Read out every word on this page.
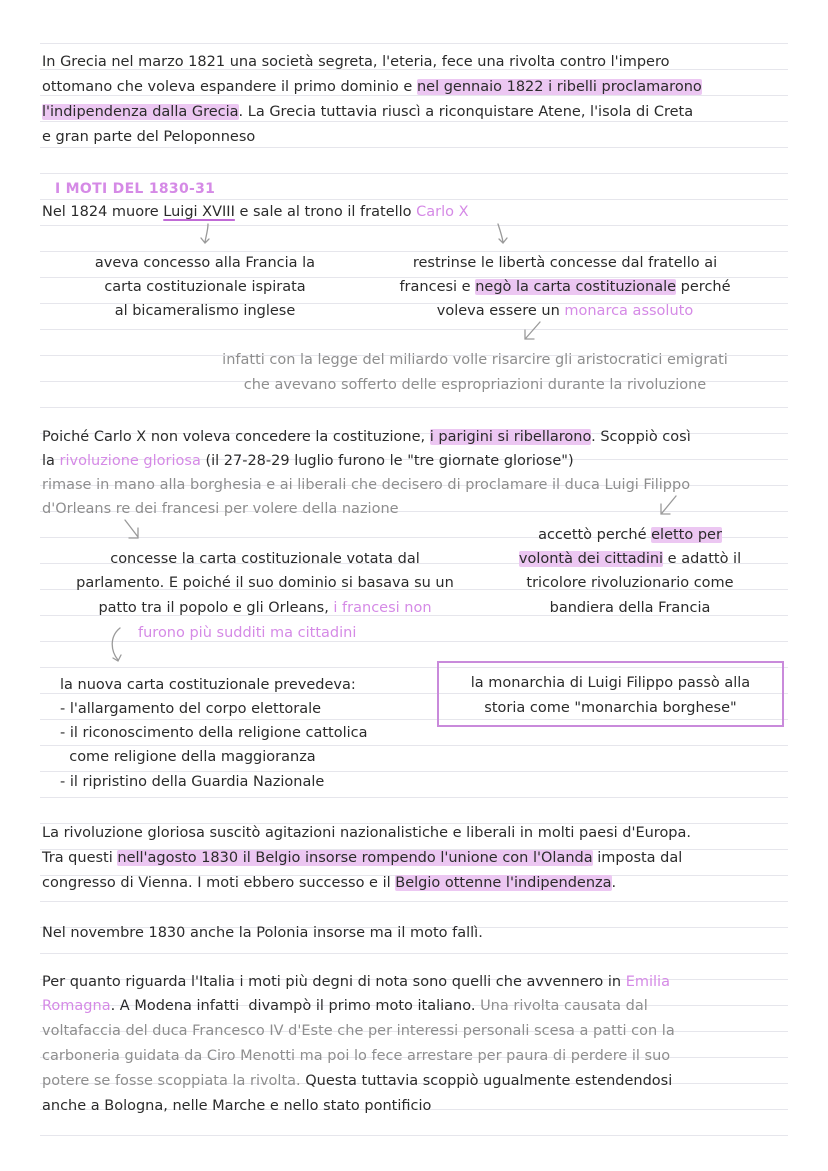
In Grecia nel marzo 1821 una società segreta, l'eteria, fece una rivolta contro l'impero
ottomano che voleva espandere il primo dominio e nel gennaio 1822 i ribelli proclamarono
l'indipendenza dalla Grecia. La Grecia tuttavia riuscì a riconquistare Atene, l'isola di Creta
e gran parte del Peloponneso
I MOTI DEL 1830-31
Nel 1824 muore Luigi XVIII e sale al trono il fratello Carlo X
aveva concesso alla Francia la
carta costituzionale ispirata
al bicameralismo inglese
restrinse le libertà concesse dal fratello ai
francesi e negò la carta costituzionale perché
voleva essere un monarca assoluto
infatti con la legge del miliardo volle risarcire gli aristocratici emigrati
che avevano sofferto delle espropriazioni durante la rivoluzione
Poiché Carlo X non voleva concedere la costituzione, i parigini si ribellarono. Scoppiò così
la rivoluzione gloriosa (il 27-28-29 luglio furono le "tre giornate gloriose")
rimase in mano alla borghesia e ai liberali che decisero di proclamare il duca Luigi Filippo
d'Orleans re dei francesi per volere della nazione
accettò perché eletto per
volontà dei cittadini e adattò il
tricolore rivoluzionario come
bandiera della Francia
concesse la carta costituzionale votata dal
parlamento. E poiché il suo dominio si basava su un
patto tra il popolo e gli Orleans, i francesi non
furono più sudditi ma cittadini
la nuova carta costituzionale prevedeva:
- l'allargamento del corpo elettorale
- il riconoscimento della religione cattolica
come religione della maggioranza
- il ripristino della Guardia Nazionale
la monarchia di Luigi Filippo passò alla
storia come "monarchia borghese"
La rivoluzione gloriosa suscitò agitazioni nazionalistiche e liberali in molti paesi d'Europa.
Tra questi nell'agosto 1830 il Belgio insorse rompendo l'unione con l'Olanda imposta dal
congresso di Vienna. I moti ebbero successo e il Belgio ottenne l'indipendenza.
Nel novembre 1830 anche la Polonia insorse ma il moto fallì.
Per quanto riguarda l'Italia i moti più degni di nota sono quelli che avvennero in Emilia
Romagna. A Modena infatti  divampò il primo moto italiano. Una rivolta causata dal
voltafaccia del duca Francesco IV d'Este che per interessi personali scesa a patti con la
carboneria guidata da Ciro Menotti ma poi lo fece arrestare per paura di perdere il suo
potere se fosse scoppiata la rivolta. Questa tuttavia scoppiò ugualmente estendendosi
anche a Bologna, nelle Marche e nello stato pontificio
